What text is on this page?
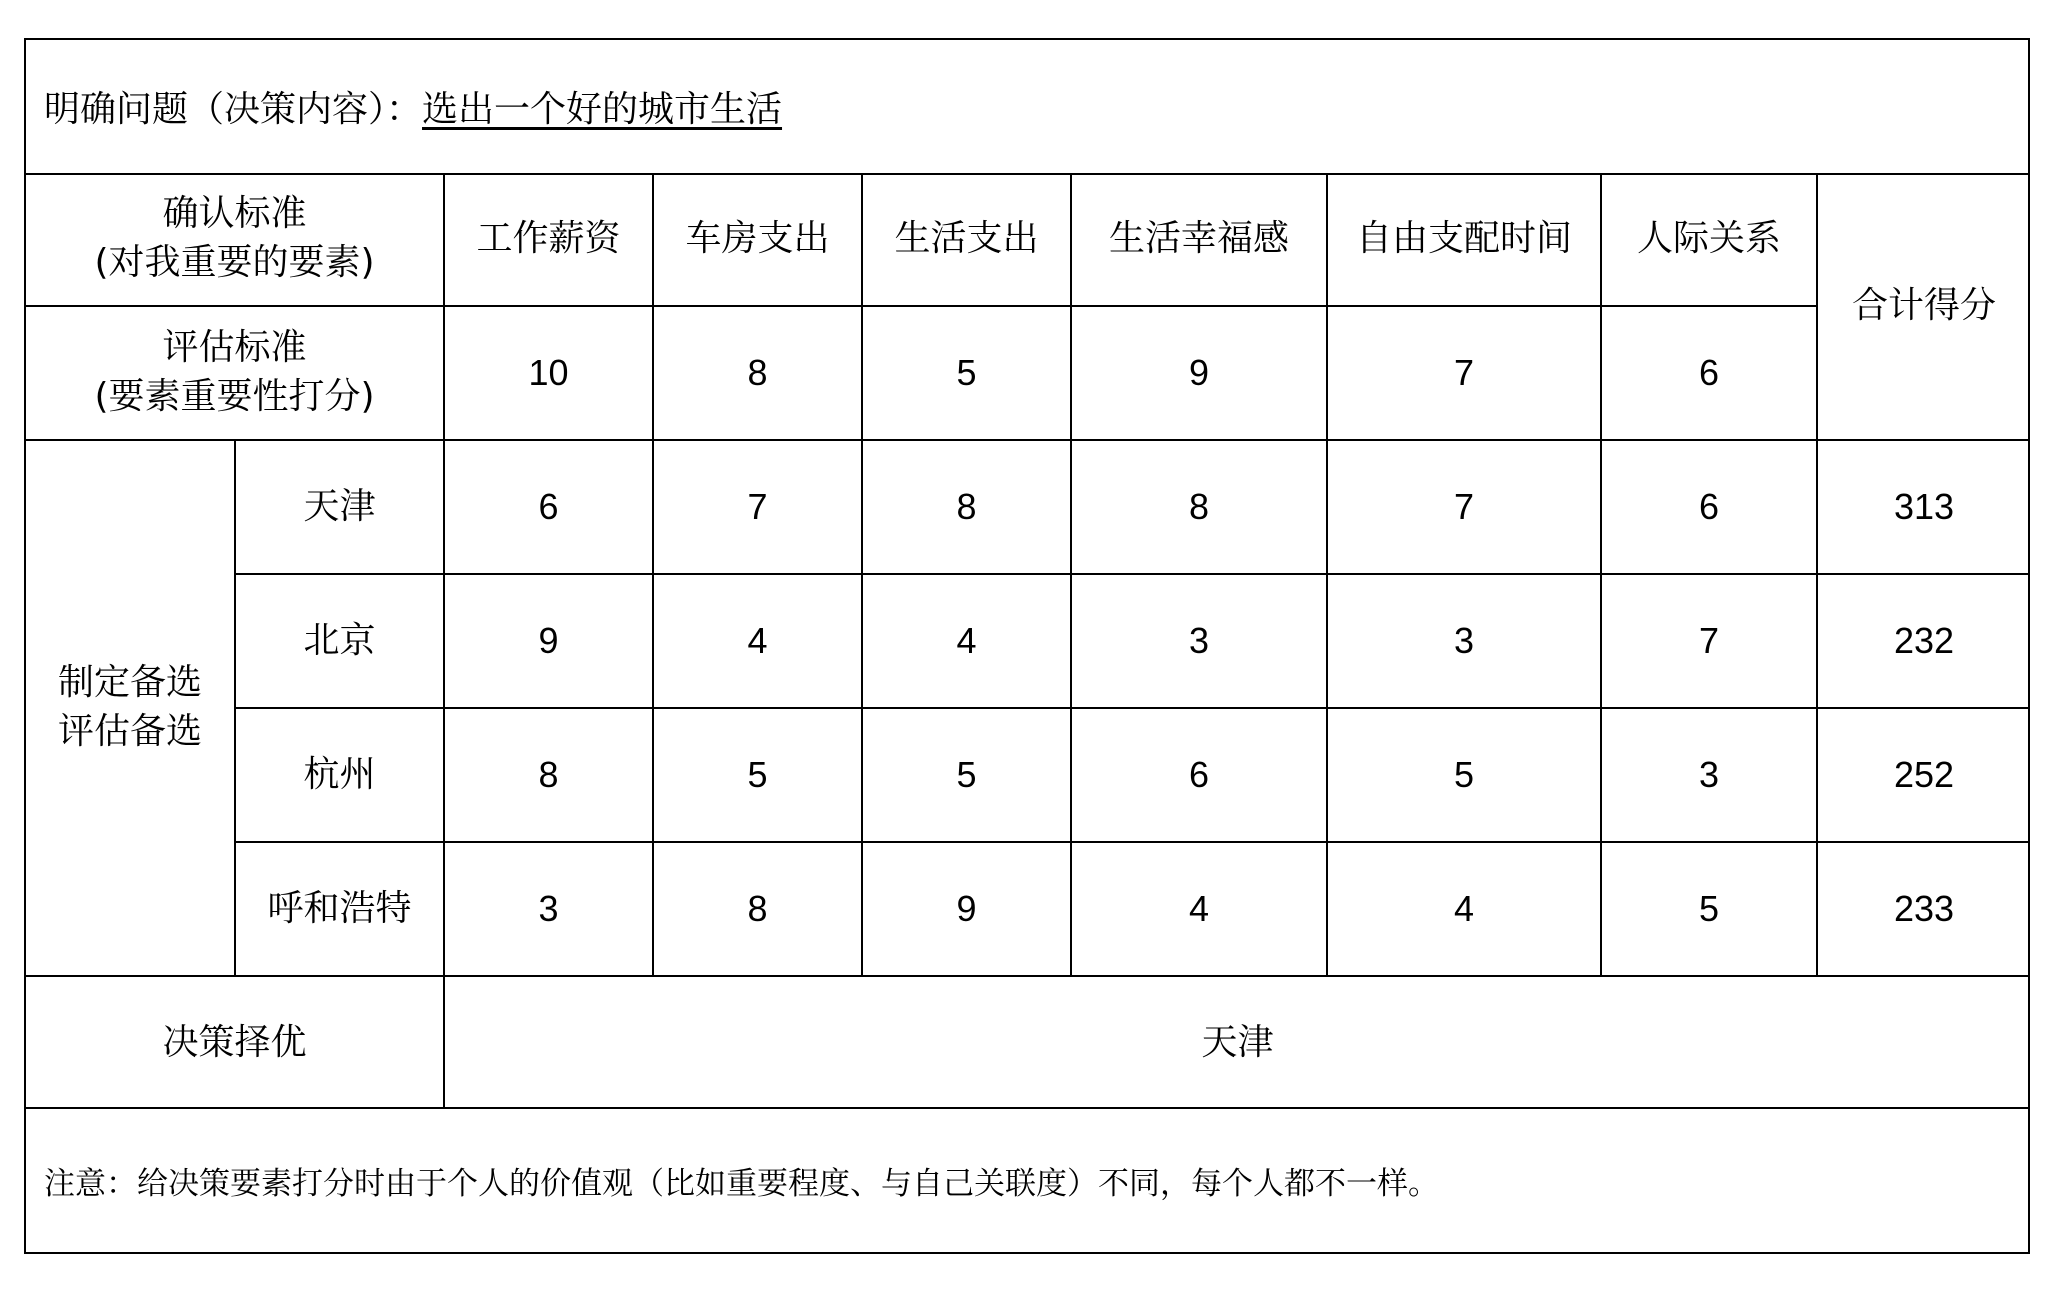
明确问题（决策内容）： 选出一个好的城市生活
确认标准
(对我重要的要素)		工作薪资	车房支出	生活支出	生活幸福感	自由支配时间	人际关系	合计得分

评估标准
(要素重要性打分)		10	8	5	9	7	6	

制定备选
评估备选	天津	6	7	8	8	7	6	313
	北京	9	4	4	3	3	7	232
	杭州	8	5	5	6	5	3	252
	呼和浩特	3	8	9	4	4	5	233
决策择优		天津						
注意：给决策要素打分时由于个人的价值观（比如重要程度、与自己关联度）不同，每个人都不一样。
